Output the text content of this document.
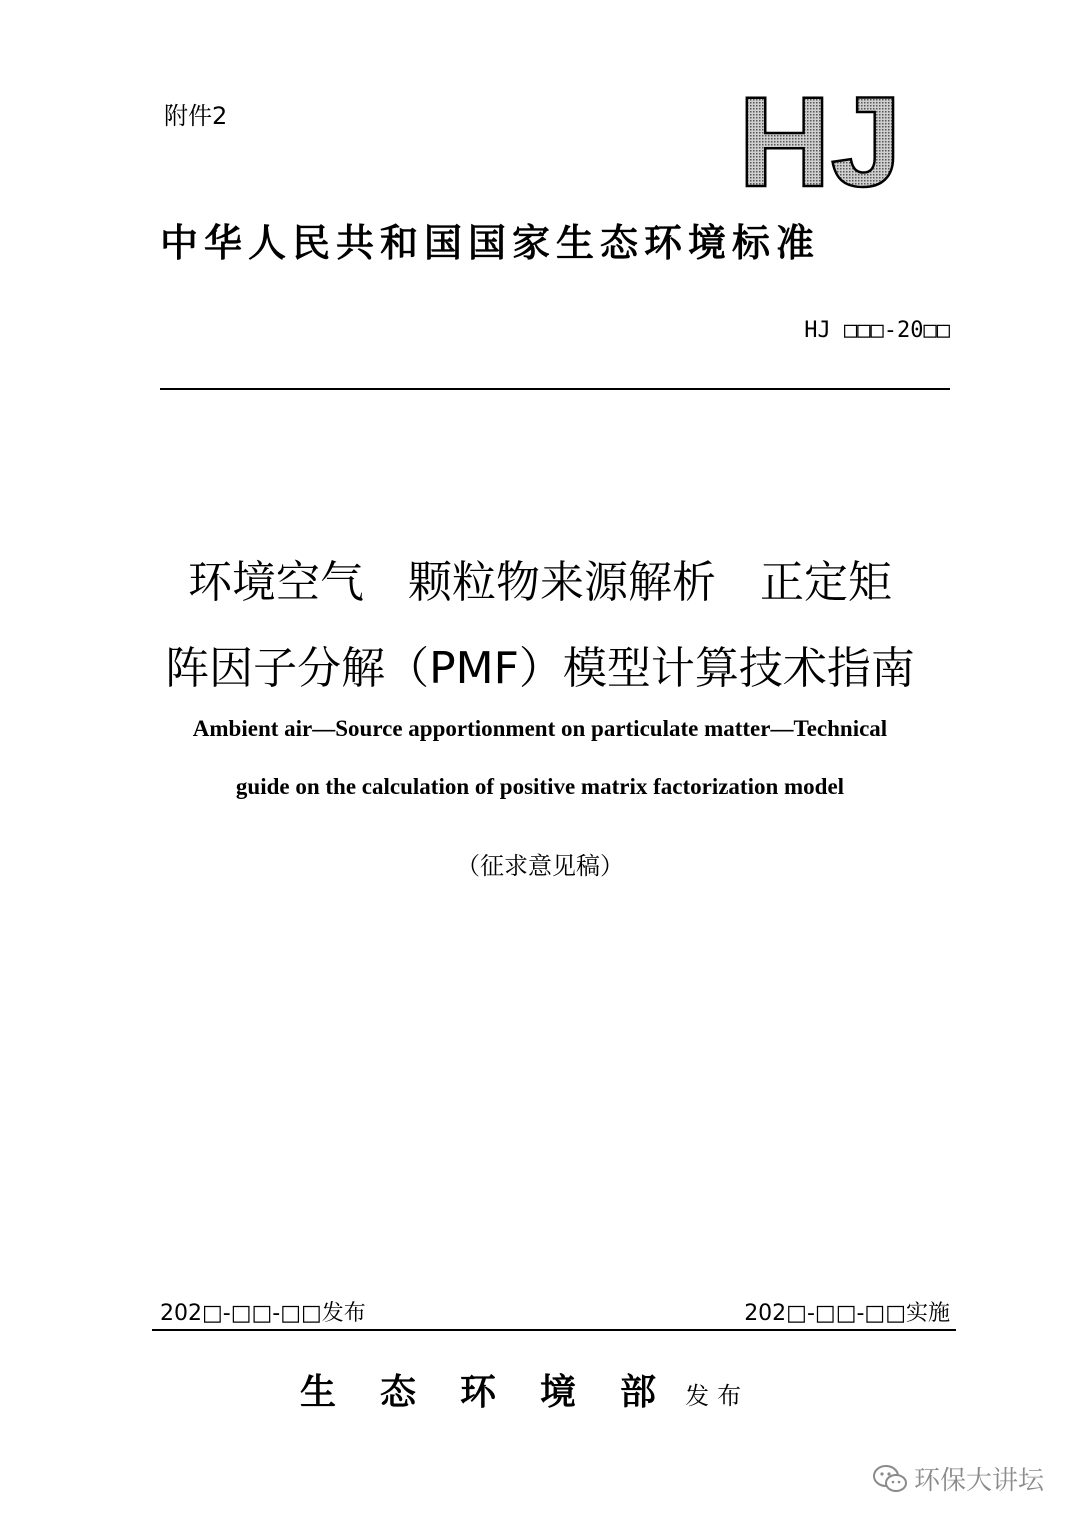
附件2	HJ
中华人民共和国国家生态环境标准
HJ □□□-20□□
环境空气　颗粒物来源解析　正定矩
阵因子分解（PMF）模型计算技术指南
Ambient air—Source apportionment on particulate matter—Technical
guide on the calculation of positive matrix factorization model
（征求意见稿）
202□-□□-□□发布	202□-□□-□□实施
生态环境部 发布
环保大讲坛
